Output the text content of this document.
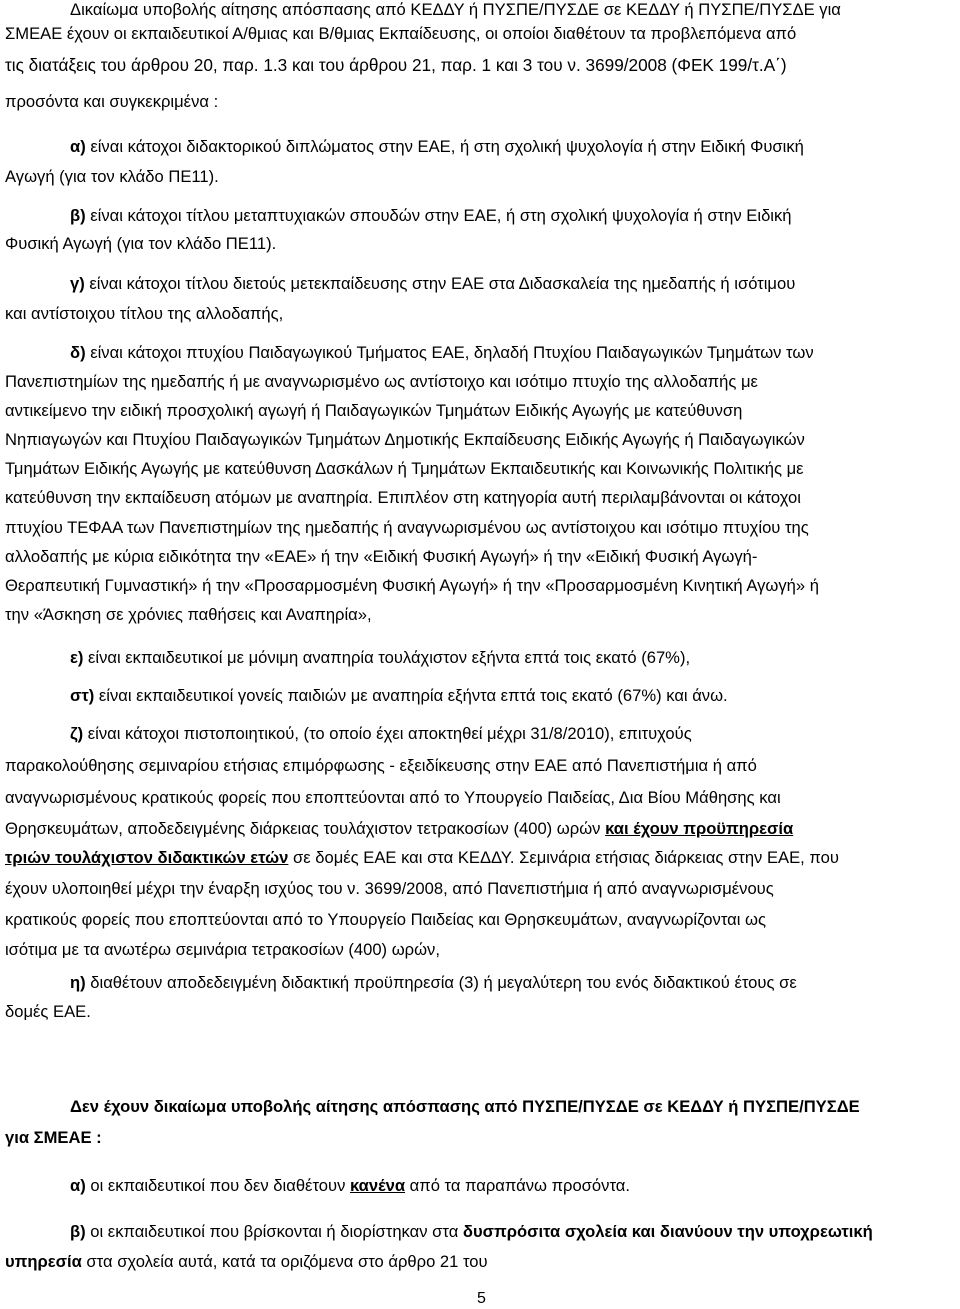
Δικαίωμα υποβολής αίτησης απόσπασης από ΚΕΔΔΥ ή ΠΥΣΠΕ/ΠΥΣΔΕ σε ΚΕΔΔΥ ή ΠΥΣΠΕ/ΠΥΣΔΕ για
ΣΜΕΑΕ έχουν οι εκπαιδευτικοί Α/θμιας και Β/θμιας Εκπαίδευσης, οι οποίοι διαθέτουν τα προβλεπόμενα από
τις διατάξεις του άρθρου 20, παρ. 1.3 και του άρθρου 21, παρ. 1 και 3 του ν. 3699/2008 (ΦΕΚ 199/τ.Α΄)
προσόντα και συγκεκριμένα :
α) είναι κάτοχοι διδακτορικού διπλώματος στην ΕΑΕ, ή στη σχολική ψυχολογία ή στην Ειδική Φυσική
Αγωγή (για τον κλάδο ΠΕ11).
β) είναι κάτοχοι τίτλου μεταπτυχιακών σπουδών στην ΕΑΕ, ή στη σχολική ψυχολογία ή στην Ειδική
Φυσική Αγωγή (για τον κλάδο ΠΕ11).
γ) είναι κάτοχοι τίτλου διετούς μετεκπαίδευσης στην ΕΑΕ στα Διδασκαλεία της ημεδαπής ή ισότιμου
και αντίστοιχου τίτλου της αλλοδαπής,
δ) είναι κάτοχοι πτυχίου Παιδαγωγικού Τμήματος ΕΑΕ, δηλαδή Πτυχίου Παιδαγωγικών Τμημάτων των
Πανεπιστημίων της ημεδαπής ή με αναγνωρισμένο ως αντίστοιχο και ισότιμο πτυχίο της αλλοδαπής με
αντικείμενο την ειδική προσχολική αγωγή ή Παιδαγωγικών Τμημάτων Ειδικής Αγωγής με κατεύθυνση
Νηπιαγωγών και Πτυχίου Παιδαγωγικών Τμημάτων Δημοτικής Εκπαίδευσης Ειδικής Αγωγής ή Παιδαγωγικών
Τμημάτων Ειδικής Αγωγής με κατεύθυνση Δασκάλων ή Τμημάτων Εκπαιδευτικής και Κοινωνικής Πολιτικής με
κατεύθυνση την εκπαίδευση ατόμων με αναπηρία. Επιπλέον στη κατηγορία αυτή περιλαμβάνονται οι κάτοχοι
πτυχίου ΤΕΦΑΑ των Πανεπιστημίων της ημεδαπής ή αναγνωρισμένου ως αντίστοιχου και ισότιμο πτυχίου της
αλλοδαπής με κύρια ειδικότητα την «ΕΑΕ» ή την «Ειδική Φυσική Αγωγή» ή την «Ειδική Φυσική Αγωγή-
Θεραπευτική Γυμναστική» ή την «Προσαρμοσμένη Φυσική Αγωγή» ή την «Προσαρμοσμένη Κινητική Αγωγή» ή
την «Άσκηση σε χρόνιες παθήσεις και Αναπηρία»,
ε) είναι εκπαιδευτικοί με μόνιμη αναπηρία τουλάχιστον εξήντα επτά τοις εκατό (67%),
στ) είναι εκπαιδευτικοί γονείς παιδιών με αναπηρία εξήντα επτά τοις εκατό (67%) και άνω.
ζ) είναι κάτοχοι πιστοποιητικού, (το οποίο έχει αποκτηθεί μέχρι 31/8/2010), επιτυχούς
παρακολούθησης σεμιναρίου ετήσιας επιμόρφωσης - εξειδίκευσης στην ΕΑΕ από Πανεπιστήμια ή από
αναγνωρισμένους κρατικούς φορείς που εποπτεύονται από το Υπουργείο Παιδείας, Δια Βίου Μάθησης και
Θρησκευμάτων, αποδεδειγμένης διάρκειας τουλάχιστον τετρακοσίων (400) ωρών και έχουν προϋπηρεσία
τριών τουλάχιστον διδακτικών ετών σε δομές ΕΑΕ και στα ΚΕΔΔΥ. Σεμινάρια ετήσιας διάρκειας στην ΕΑΕ, που
έχουν υλοποιηθεί μέχρι την έναρξη ισχύος του ν. 3699/2008, από Πανεπιστήμια ή από αναγνωρισμένους
κρατικούς φορείς που εποπτεύονται από το Υπουργείο Παιδείας και Θρησκευμάτων, αναγνωρίζονται ως
ισότιμα με τα ανωτέρω σεμινάρια τετρακοσίων (400) ωρών,
η) διαθέτουν αποδεδειγμένη διδακτική προϋπηρεσία (3) ή μεγαλύτερη του ενός διδακτικού έτους σε
δομές ΕΑΕ.
Δεν έχουν δικαίωμα υποβολής αίτησης απόσπασης από ΠΥΣΠΕ/ΠΥΣΔΕ σε ΚΕΔΔΥ ή ΠΥΣΠΕ/ΠΥΣΔΕ
για ΣΜΕΑΕ :
α) οι εκπαιδευτικοί που δεν διαθέτουν κανένα από τα παραπάνω προσόντα.
β) οι εκπαιδευτικοί που βρίσκονται ή διορίστηκαν στα δυσπρόσιτα σχολεία και διανύουν την υποχρεωτική
υπηρεσία στα σχολεία αυτά, κατά τα οριζόμενα στο άρθρο 21 του
5
